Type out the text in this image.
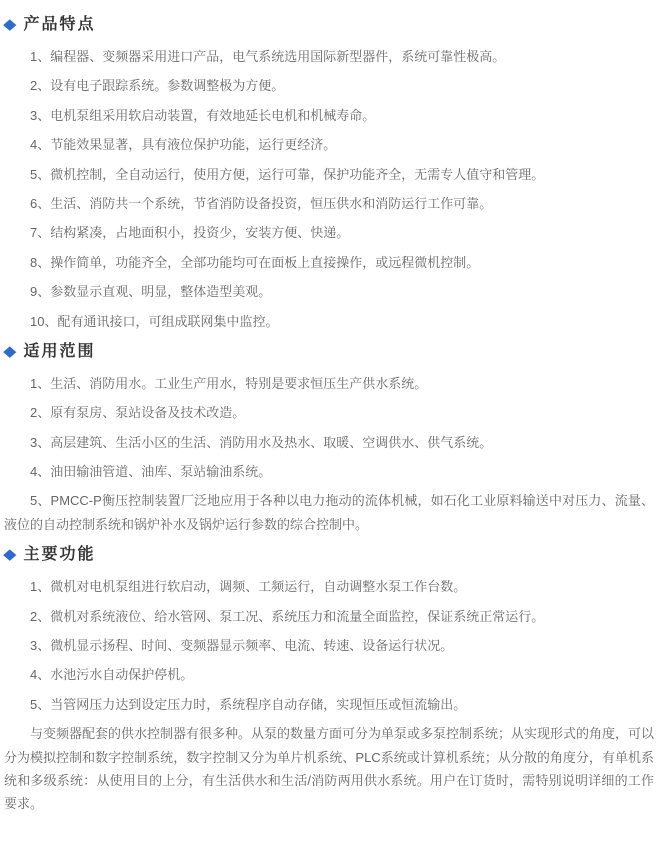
◆ 产品特点

1、编程器、变频器采用进口产品，电气系统选用国际新型器件，系统可靠性极高。

2、设有电子跟踪系统。参数调整极为方便。

3、电机泵组采用软启动装置，有效地延长电机和机械寿命。

4、节能效果显著，具有液位保护功能，运行更经济。

5、微机控制，全自动运行，使用方便，运行可靠，保护功能齐全，无需专人值守和管理。

6、生活、消防共一个系统，节省消防设备投资，恒压供水和消防运行工作可靠。

7、结构紧凑，占地面积小，投资少，安装方便、快递。

8、操作简单，功能齐全，全部功能均可在面板上直接操作，或远程微机控制。

9、参数显示直观、明显，整体造型美观。

10、配有通讯接口，可组成联网集中监控。

◆ 适用范围

1、生活、消防用水。工业生产用水，特别是要求恒压生产供水系统。

2、原有泵房、泵站设备及技术改造。

3、高层建筑、生活小区的生活、消防用水及热水、取暖、空调供水、供气系统。

4、油田输油管道、油库、泵站输油系统。

5、PMCC-P衡压控制装置厂泛地应用于各种以电力拖动的流体机械，如石化工业原料输送中对压力、流量、液位的自动控制系统和锅炉补水及锅炉运行参数的综合控制中。

◆ 主要功能

1、微机对电机泵组进行软启动，调频、工频运行，自动调整水泵工作台数。

2、微机对系统液位、给水管网、泵工况、系统压力和流量全面监控，保证系统正常运行。

3、微机显示扬程、时间、变频器显示频率、电流、转速、设备运行状况。

4、水池污水自动保护停机。

5、当管网压力达到设定压力时，系统程序自动存储，实现恒压或恒流输出。

与变频器配套的供水控制器有很多种。从泵的数量方面可分为单泵或多泵控制系统；从实现形式的角度，可以分为模拟控制和数字控制系统，数字控制又分为单片机系统、PLC系统或计算机系统；从分散的角度分，有单机系统和多级系统：从使用目的上分，有生活供水和生活/消防两用供水系统。用户在订货时，需特别说明详细的工作要求。
